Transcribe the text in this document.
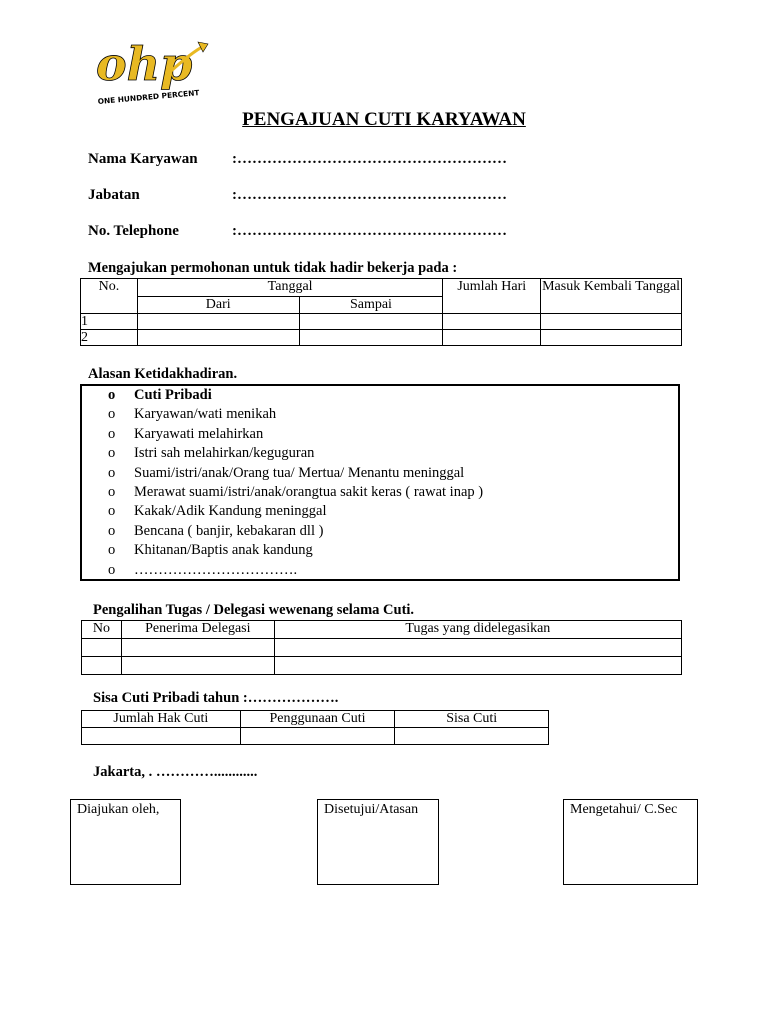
ohp
ONE HUNDRED PERCENT
PENGAJUAN CUTI KARYAWAN
Nama Karyawan :………………………………………………
Jabatan	:………………………………………………
No. Telephone	:………………………………………………
Mengajukan permohonan untuk tidak hadir bekerja pada :
No.	Tanggal		Jumlah Hari	Masuk Kembali Tanggal
	Dari	Sampai		
1				
2				
Alasan Ketidakhadiran.
o Cuti Pribadi
o Karyawan/wati menikah
o Karyawati melahirkan
o Istri sah melahirkan/keguguran
o Suami/istri/anak/Orang tua/ Mertua/ Menantu meninggal
o Merawat suami/istri/anak/orangtua sakit keras ( rawat inap )
o Kakak/Adik Kandung meninggal
o Bencana ( banjir, kebakaran dll )
o Khitanan/Baptis anak kandung
o …………………………….
Pengalihan Tugas / Delegasi wewenang selama Cuti.
No	Penerima Delegasi	Tugas yang didelegasikan

Sisa Cuti Pribadi tahun :……………….
Jumlah Hak Cuti	Penggunaan Cuti	Sisa Cuti

Jakarta, . …………............
Diajukan oleh,	Disetujui/Atasan	Mengetahui/ C.Sec
